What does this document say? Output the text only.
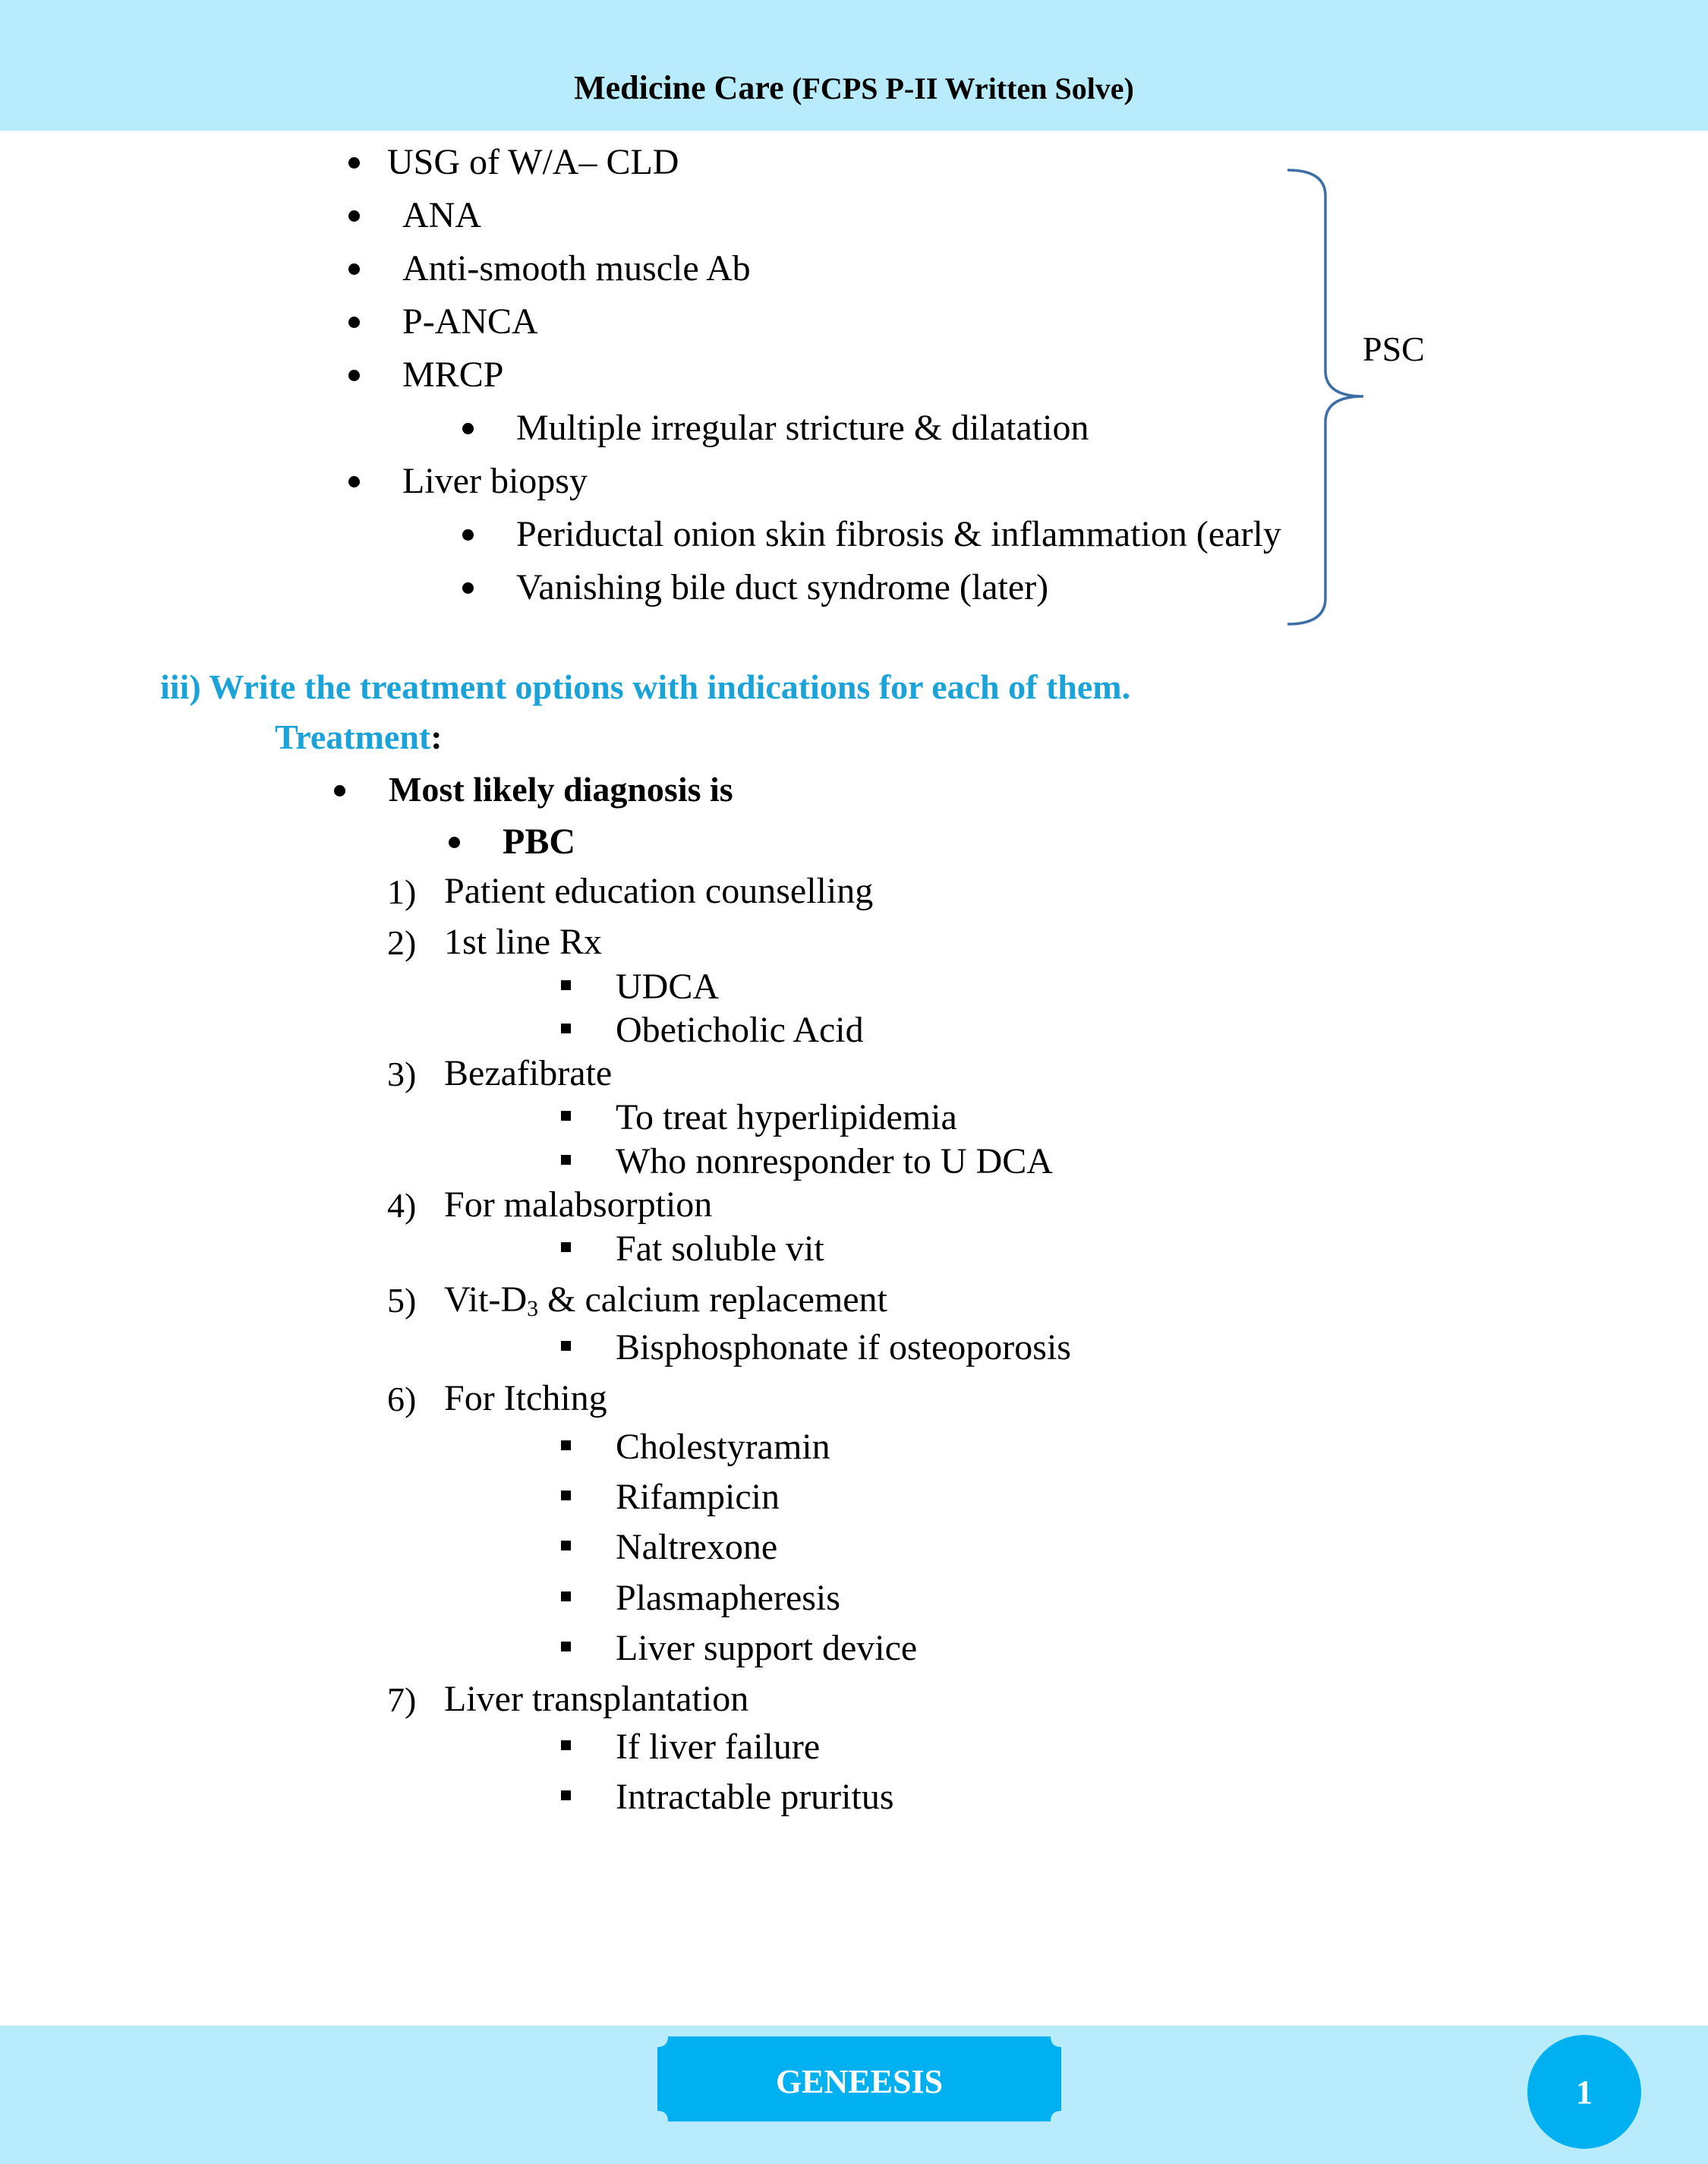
Medicine Care (FCPS P-II Written Solve)
USG of W/A– CLD
ANA
Anti-smooth muscle Ab
P-ANCA
MRCP
Multiple irregular stricture & dilatation
Liver biopsy
Periductal onion skin fibrosis & inflammation (early
Vanishing bile duct syndrome (later)
PSC
iii) Write the treatment options with indications for each of them.
Treatment:
Most likely diagnosis is
PBC
1) Patient education counselling
2) 1st line Rx
UDCA
Obeticholic Acid
3) Bezafibrate
To treat hyperlipidemia
Who nonresponder to U DCA
4) For malabsorption
Fat soluble vit
5) Vit-$D_3$ & calcium replacement
Bisphosphonate if osteoporosis
6) For Itching
Cholestyramin
Rifampicin
Naltrexone
Plasmapheresis
Liver support device
7) Liver transplantation
If liver failure
Intractable pruritus
GENEESIS	1
